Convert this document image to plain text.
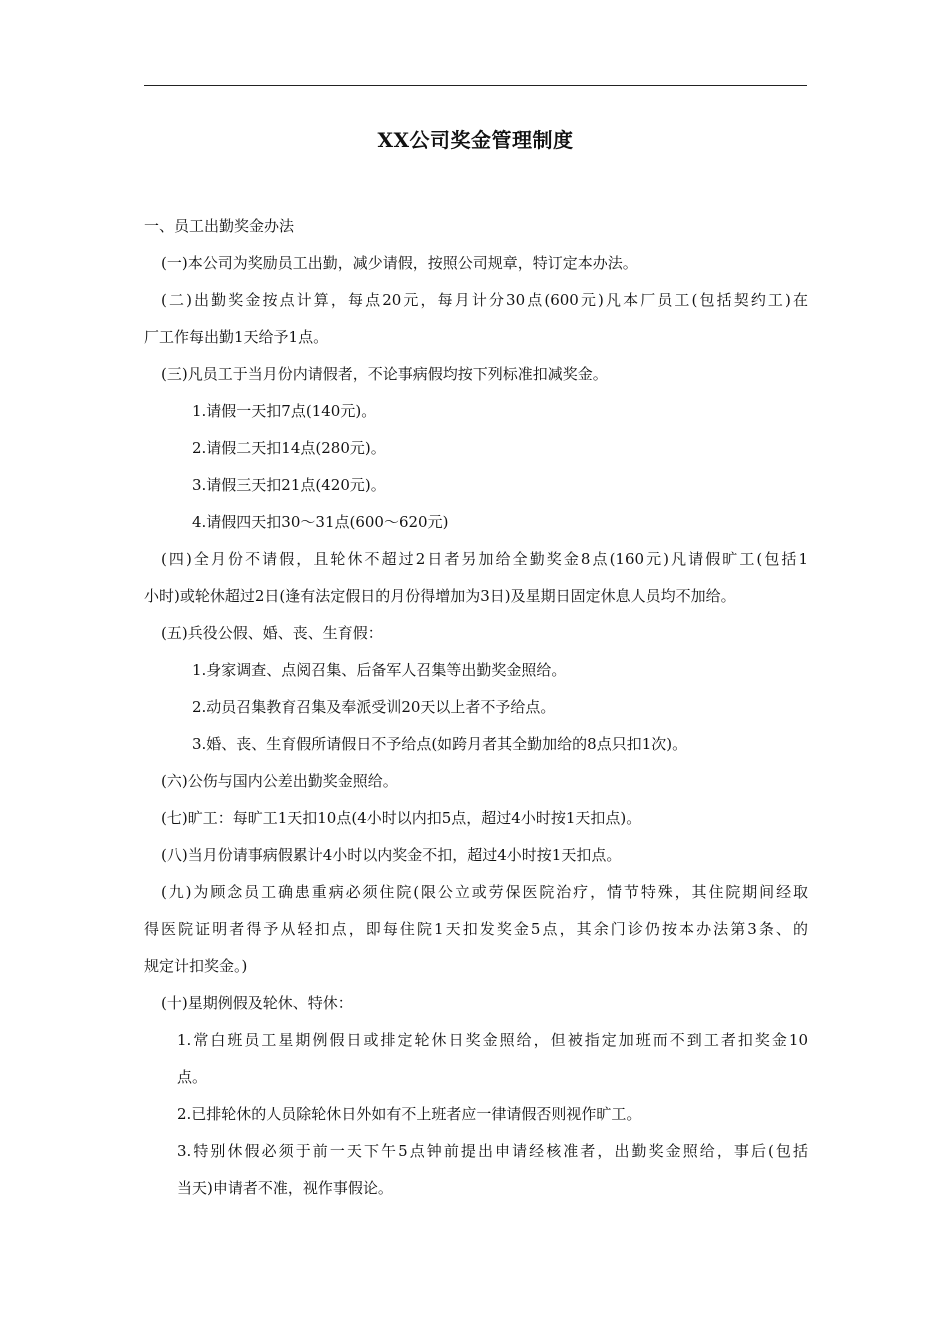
XX公司奖金管理制度

一、员工出勤奖金办法

(一)本公司为奖励员工出勤，减少请假，按照公司规章，特订定本办法。

(二)出勤奖金按点计算，每点20元，每月计分30点(600元)凡本厂员工(包括契约工)在

厂工作每出勤1天给予1点。

(三)凡员工于当月份内请假者，不论事病假均按下列标准扣减奖金。

1.请假一天扣7点(140元)。

2.请假二天扣14点(280元)。

3.请假三天扣21点(420元)。

4.请假四天扣30～31点(600～620元)

(四)全月份不请假，且轮休不超过2日者另加给全勤奖金8点(160元)凡请假旷工(包括1

小时)或轮休超过2日(逢有法定假日的月份得增加为3日)及星期日固定休息人员均不加给。

(五)兵役公假、婚、丧、生育假：

1.身家调查、点阅召集、后备军人召集等出勤奖金照给。

2.动员召集教育召集及奉派受训20天以上者不予给点。

3.婚、丧、生育假所请假日不予给点(如跨月者其全勤加给的8点只扣1次)。

(六)公伤与国内公差出勤奖金照给。

(七)旷工：每旷工1天扣10点(4小时以内扣5点，超过4小时按1天扣点)。

(八)当月份请事病假累计4小时以内奖金不扣，超过4小时按1天扣点。

(九)为顾念员工确患重病必须住院(限公立或劳保医院治疗，情节特殊，其住院期间经取

得医院证明者得予从轻扣点，即每住院1天扣发奖金5点，其余门诊仍按本办法第3条、的

规定计扣奖金。)

(十)星期例假及轮休、特休：

1.常白班员工星期例假日或排定轮休日奖金照给，但被指定加班而不到工者扣奖金10

点。

2.已排轮休的人员除轮休日外如有不上班者应一律请假否则视作旷工。

3.特别休假必须于前一天下午5点钟前提出申请经核准者，出勤奖金照给，事后(包括

当天)申请者不准，视作事假论。
